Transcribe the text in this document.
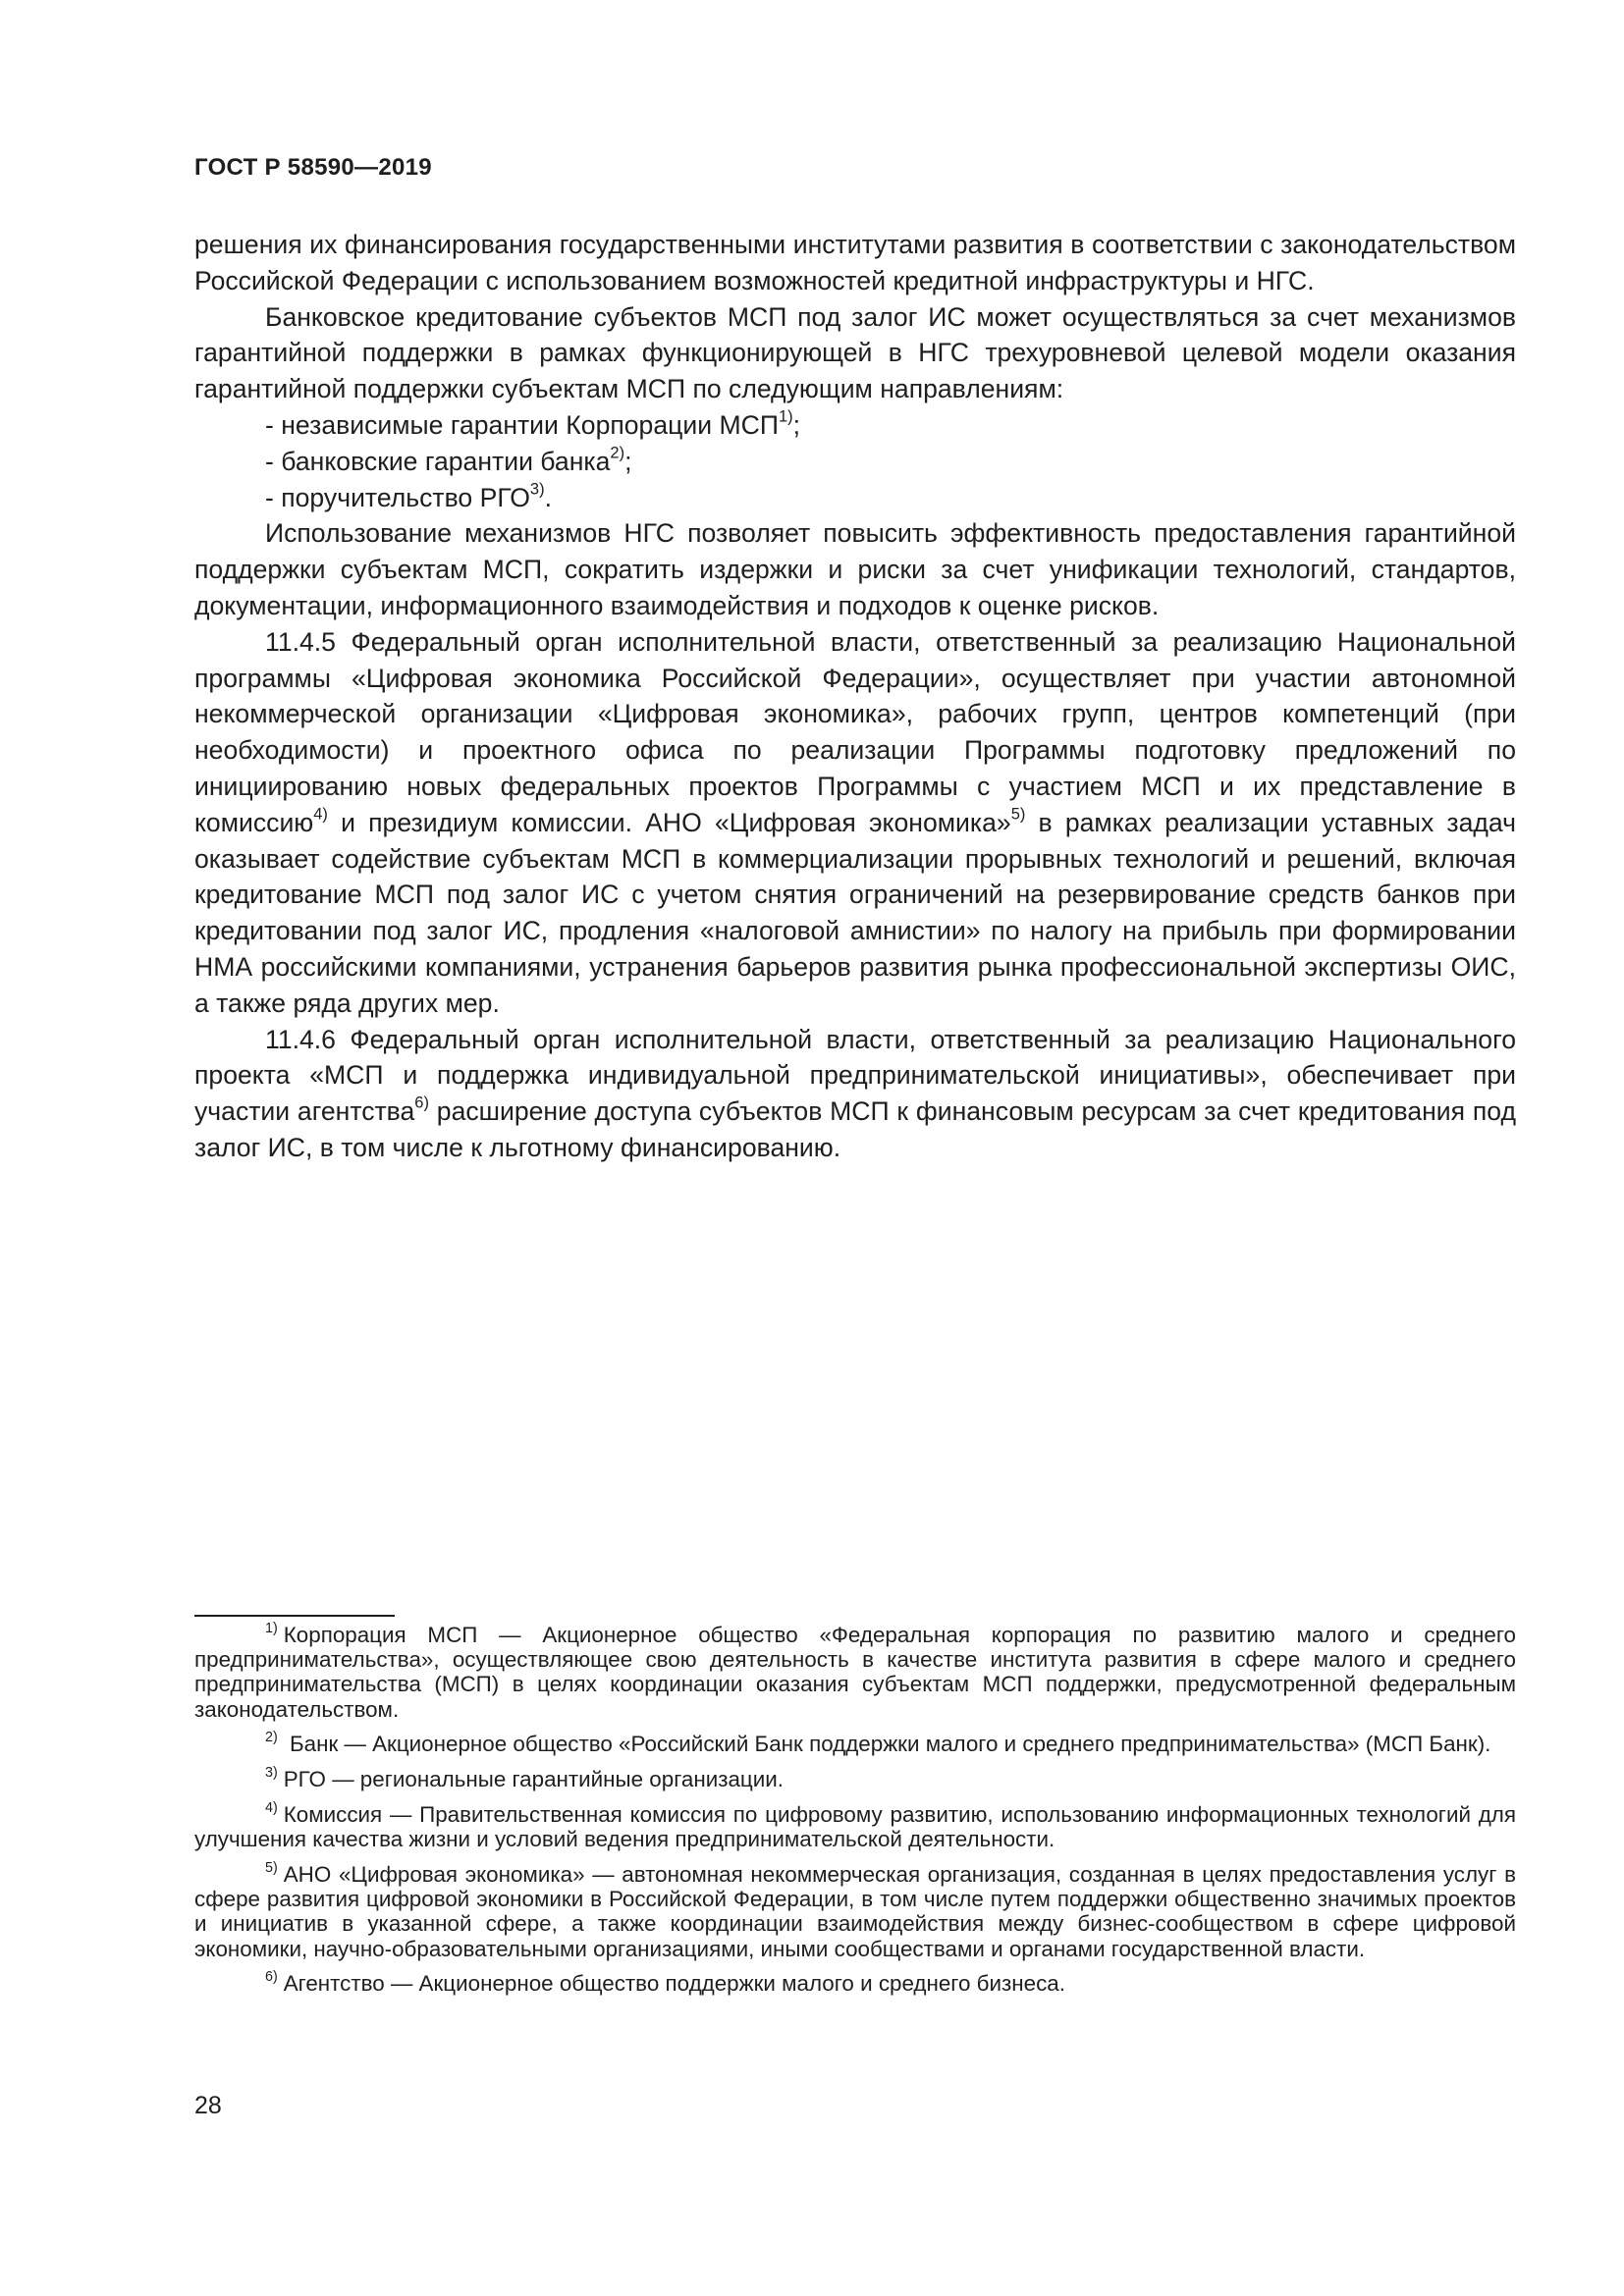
ГОСТ Р 58590—2019

решения их финансирования государственными институтами развития в соответствии с законодательством Российской Федерации с использованием возможностей кредитной инфраструктуры и НГС.

Банковское кредитование субъектов МСП под залог ИС может осуществляться за счет механизмов гарантийной поддержки в рамках функционирующей в НГС трехуровневой целевой модели оказания гарантийной поддержки субъектам МСП по следующим направлениям:

- независимые гарантии Корпорации МСП$^{1)}$;

- банковские гарантии банка$^{2)}$;

- поручительство РГО$^{3)}$.

Использование механизмов НГС позволяет повысить эффективность предоставления гарантийной поддержки субъектам МСП, сократить издержки и риски за счет унификации технологий, стандартов, документации, информационного взаимодействия и подходов к оценке рисков.

11.4.5 Федеральный орган исполнительной власти, ответственный за реализацию Национальной программы «Цифровая экономика Российской Федерации», осуществляет при участии автономной некоммерческой организации «Цифровая экономика», рабочих групп, центров компетенций (при необходимости) и проектного офиса по реализации Программы подготовку предложений по инициированию новых федеральных проектов Программы с участием МСП и их представление в комиссию$^{4)}$ и президиум комиссии. АНО «Цифровая экономика»$^{5)}$ в рамках реализации уставных задач оказывает содействие субъектам МСП в коммерциализации прорывных технологий и решений, включая кредитование МСП под залог ИС с учетом снятия ограничений на резервирование средств банков при кредитовании под залог ИС, продления «налоговой амнистии» по налогу на прибыль при формировании НМА российскими компаниями, устранения барьеров развития рынка профессиональной экспертизы ОИС, а также ряда других мер.

11.4.6 Федеральный орган исполнительной власти, ответственный за реализацию Национального проекта «МСП и поддержка индивидуальной предпринимательской инициативы», обеспечивает при участии агентства$^{6)}$ расширение доступа субъектов МСП к финансовым ресурсам за счет кредитования под залог ИС, в том числе к льготному финансированию.

$^{1)}$ Корпорация МСП — Акционерное общество «Федеральная корпорация по развитию малого и среднего предпринимательства», осуществляющее свою деятельность в качестве института развития в сфере малого и среднего предпринимательства (МСП) в целях координации оказания субъектам МСП поддержки, предусмотренной федеральным законодательством.

$^{2)}$ Банк — Акционерное общество «Российский Банк поддержки малого и среднего предпринимательства» (МСП Банк).

$^{3)}$ РГО — региональные гарантийные организации.

$^{4)}$ Комиссия — Правительственная комиссия по цифровому развитию, использованию информационных технологий для улучшения качества жизни и условий ведения предпринимательской деятельности.

$^{5)}$ АНО «Цифровая экономика» — автономная некоммерческая организация, созданная в целях предоставления услуг в сфере развития цифровой экономики в Российской Федерации, в том числе путем поддержки общественно значимых проектов и инициатив в указанной сфере, а также координации взаимодействия между бизнес-сообществом в сфере цифровой экономики, научно-образовательными организациями, иными сообществами и органами государственной власти.

$^{6)}$ Агентство — Акционерное общество поддержки малого и среднего бизнеса.

28
